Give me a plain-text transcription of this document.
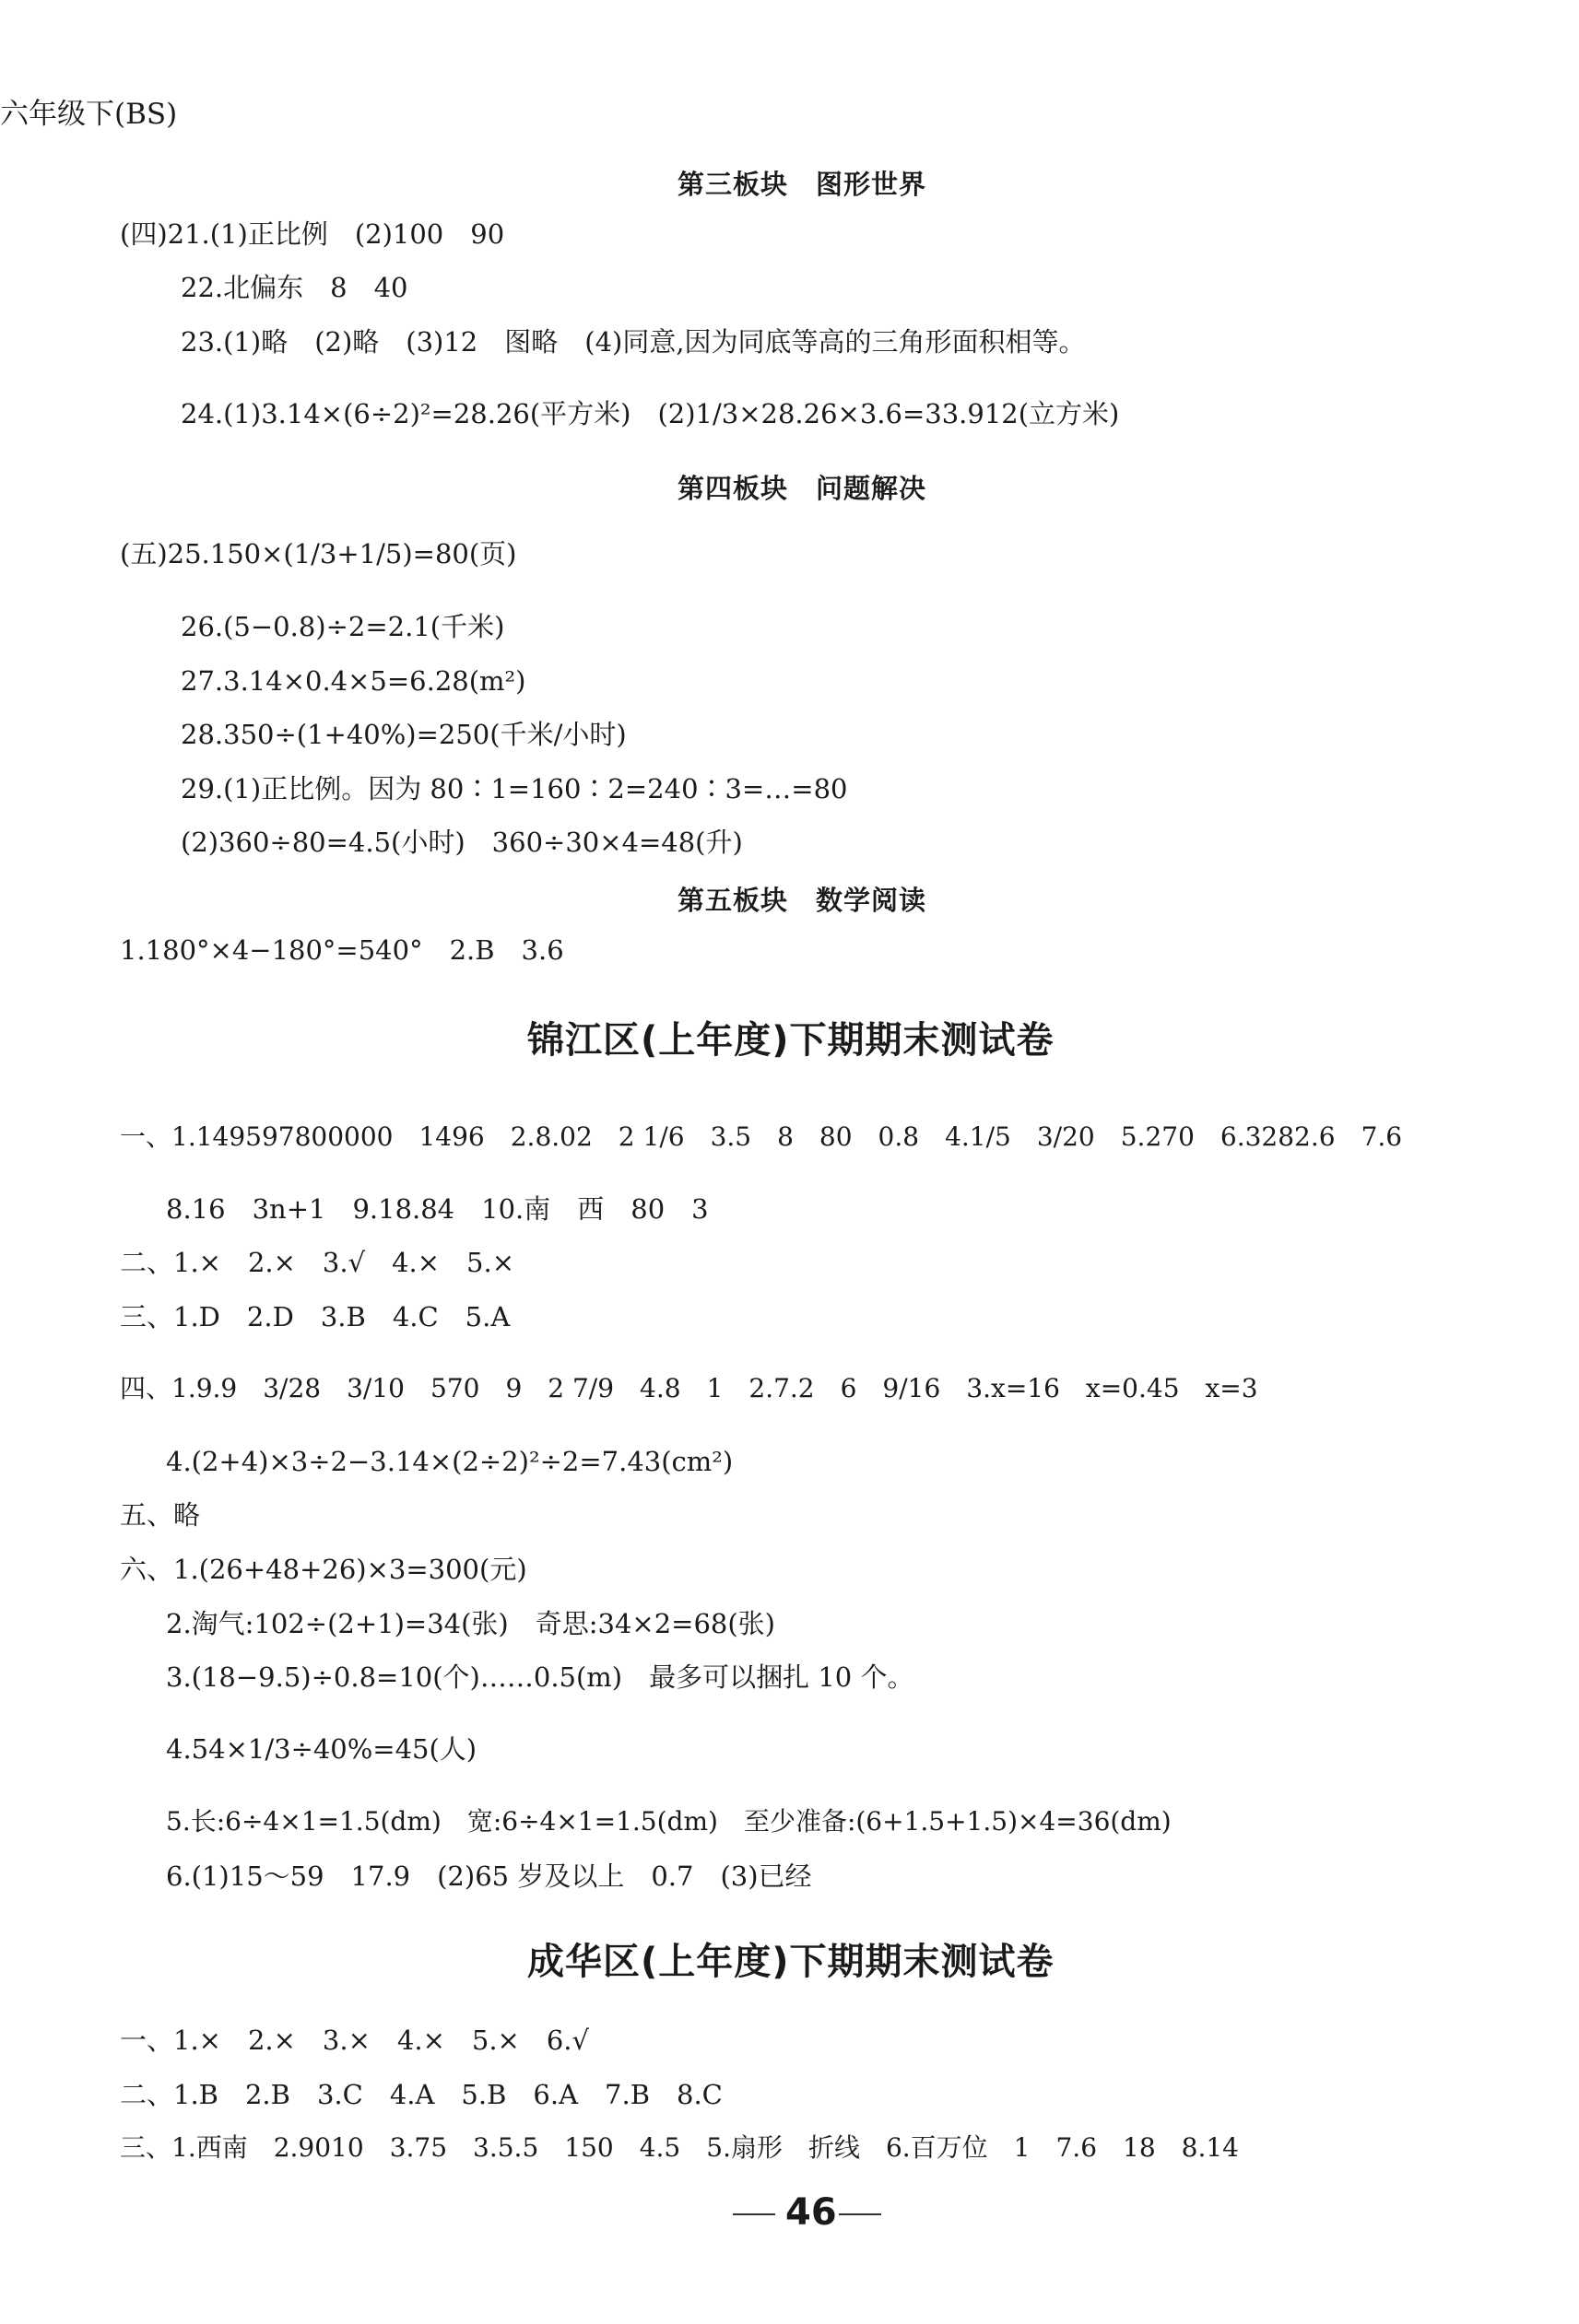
六年级下(BS)
第三板块　图形世界
(四)21.(1)正比例　(2)100　90
22.北偏东　8　40
23.(1)略　(2)略　(3)12　图略　(4)同意,因为同底等高的三角形面积相等。
24.(1)3.14×(6÷2)²=28.26(平方米)　(2)1/3×28.26×3.6=33.912(立方米)
第四板块　问题解决
(五)25.150×(1/3+1/5)=80(页)
26.(5−0.8)÷2=2.1(千米)
27.3.14×0.4×5=6.28(m²)
28.350÷(1+40%)=250(千米/小时)
29.(1)正比例。因为 80∶1=160∶2=240∶3=…=80
(2)360÷80=4.5(小时)　360÷30×4=48(升)
第五板块　数学阅读
1.180°×4−180°=540°　2.B　3.6
锦江区(上年度)下期期末测试卷
一、1.149597800000　1496　2.8.02　2 1/6　3.5　8　80　0.8　4.1/5　3/20　5.270　6.3282.6　7.6
8.16　3n+1　9.18.84　10.南　西　80　3
二、1.×　2.×　3.√　4.×　5.×
三、1.D　2.D　3.B　4.C　5.A
四、1.9.9　3/28　3/10　570　9　2 7/9　4.8　1　2.7.2　6　9/16　3.x=16　x=0.45　x=3
4.(2+4)×3÷2−3.14×(2÷2)²÷2=7.43(cm²)
五、略
六、1.(26+48+26)×3=300(元)
2.淘气:102÷(2+1)=34(张)　奇思:34×2=68(张)
3.(18−9.5)÷0.8=10(个)……0.5(m)　最多可以捆扎 10 个。
4.54×1/3÷40%=45(人)
5.长:6÷4×1=1.5(dm)　宽:6÷4×1=1.5(dm)　至少准备:(6+1.5+1.5)×4=36(dm)
6.(1)15〜59　17.9　(2)65 岁及以上　0.7　(3)已经
成华区(上年度)下期期末测试卷
一、1.×　2.×　3.×　4.×　5.×　6.√
二、1.B　2.B　3.C　4.A　5.B　6.A　7.B　8.C
三、1.西南　2.9010　3.75　3.5.5　150　4.5　5.扇形　折线　6.百万位　1　7.6　18　8.14
46
